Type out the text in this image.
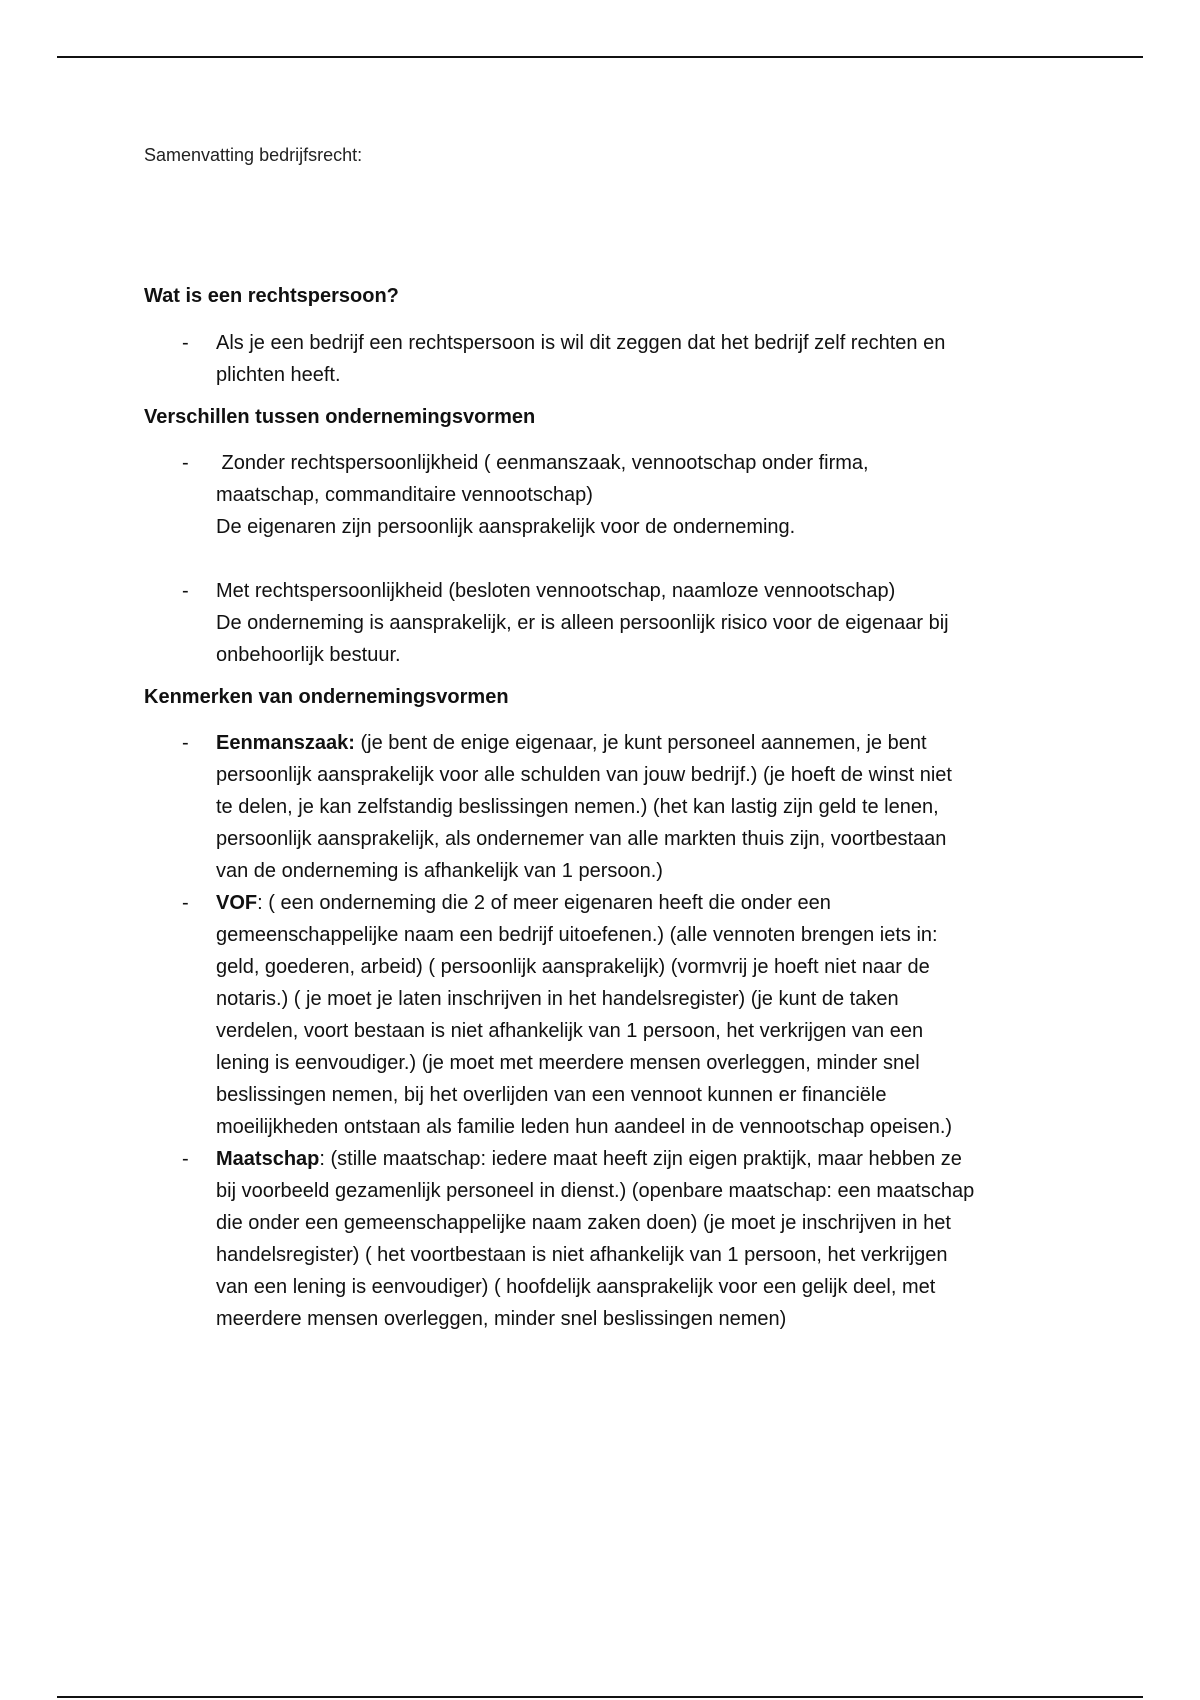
Samenvatting bedrijfsrecht:
Wat is een rechtspersoon?
- Als je een bedrijf een rechtspersoon is wil dit zeggen dat het bedrijf zelf rechten en
plichten heeft.
Verschillen tussen ondernemingsvormen
- Zonder rechtspersoonlijkheid ( eenmanszaak, vennootschap onder firma,
maatschap, commanditaire vennootschap)
De eigenaren zijn persoonlijk aansprakelijk voor de onderneming.
- Met rechtspersoonlijkheid (besloten vennootschap, naamloze vennootschap)
De onderneming is aansprakelijk, er is alleen persoonlijk risico voor de eigenaar bij
onbehoorlijk bestuur.
Kenmerken van ondernemingsvormen
- Eenmanszaak: (je bent de enige eigenaar, je kunt personeel aannemen, je bent
persoonlijk aansprakelijk voor alle schulden van jouw bedrijf.) (je hoeft de winst niet
te delen, je kan zelfstandig beslissingen nemen.) (het kan lastig zijn geld te lenen,
persoonlijk aansprakelijk, als ondernemer van alle markten thuis zijn, voortbestaan
van de onderneming is afhankelijk van 1 persoon.)
- VOF: ( een onderneming die 2 of meer eigenaren heeft die onder een
gemeenschappelijke naam een bedrijf uitoefenen.) (alle vennoten brengen iets in:
geld, goederen, arbeid) ( persoonlijk aansprakelijk) (vormvrij je hoeft niet naar de
notaris.) ( je moet je laten inschrijven in het handelsregister) (je kunt de taken
verdelen, voort bestaan is niet afhankelijk van 1 persoon, het verkrijgen van een
lening is eenvoudiger.) (je moet met meerdere mensen overleggen, minder snel
beslissingen nemen, bij het overlijden van een vennoot kunnen er financiële
moeilijkheden ontstaan als familie leden hun aandeel in de vennootschap opeisen.)
- Maatschap: (stille maatschap: iedere maat heeft zijn eigen praktijk, maar hebben ze
bij voorbeeld gezamenlijk personeel in dienst.) (openbare maatschap: een maatschap
die onder een gemeenschappelijke naam zaken doen) (je moet je inschrijven in het
handelsregister) ( het voortbestaan is niet afhankelijk van 1 persoon, het verkrijgen
van een lening is eenvoudiger) ( hoofdelijk aansprakelijk voor een gelijk deel, met
meerdere mensen overleggen, minder snel beslissingen nemen)
